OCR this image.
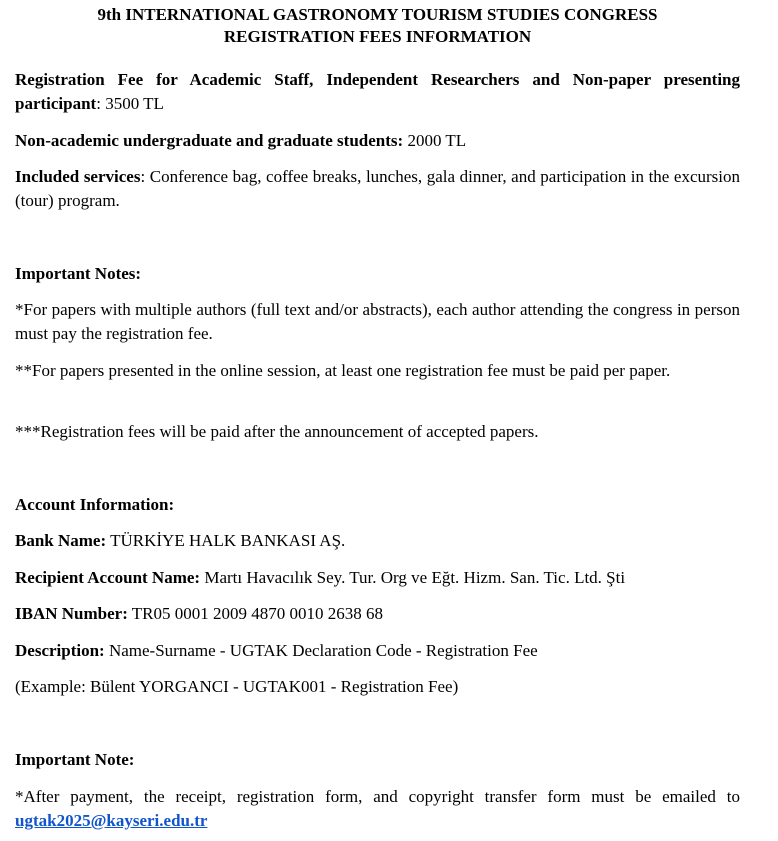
9th INTERNATIONAL GASTRONOMY TOURISM STUDIES CONGRESS

REGISTRATION FEES INFORMATION

Registration Fee for Academic Staff, Independent Researchers and Non-paper presenting participant: 3500 TL

Non-academic undergraduate and graduate students: 2000 TL

Included services: Conference bag, coffee breaks, lunches, gala dinner, and participation in the excursion (tour) program.

Important Notes:

*For papers with multiple authors (full text and/or abstracts), each author attending the congress in person must pay the registration fee.

**For papers presented in the online session, at least one registration fee must be paid per paper.

***Registration fees will be paid after the announcement of accepted papers.

Account Information:

Bank Name: TÜRKİYE HALK BANKASI AŞ.

Recipient Account Name: Martı Havacılık Sey. Tur. Org ve Eğt. Hizm. San. Tic. Ltd. Şti

IBAN Number: TR05 0001 2009 4870 0010 2638 68

Description: Name-Surname - UGTAK Declaration Code - Registration Fee

(Example: Bülent YORGANCI - UGTAK001 - Registration Fee)

Important Note:

*After payment, the receipt, registration form, and copyright transfer form must be emailed to ugtak2025@kayseri.edu.tr
